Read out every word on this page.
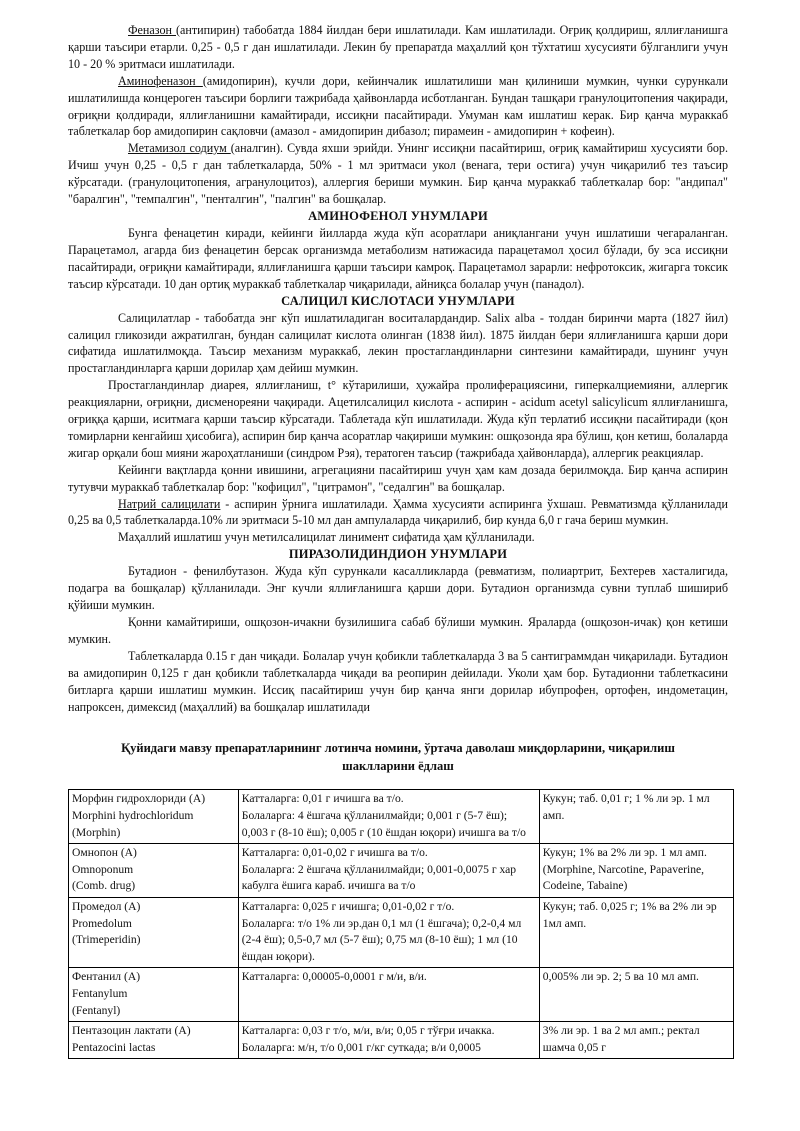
Феназон (антипирин) табобатда 1884 йилдан бери ишлатилади. Кам ишлатилади. Оғриқ қолдириш, яллиғланишга қарши таъсири етарли. 0,25 - 0,5 г дан ишлатилади. Лекин бу препаратда маҳаллий қон тўхтатиш хусусияти бўлганлиги учун 10 - 20 % эритмаси ишлатилади.

Аминофеназон (амидопирин), кучли дори, кейинчалик ишлатилиши ман қилиниши мумкин, чунки сурункали ишлатилишда концероген таъсири борлиги тажрибада ҳайвонларда исботланган. Бундан ташқари гранулоцитопения чақиради, оғриқни қолдиради, яллиғланишни камайтиради, иссиқни пасайтиради. Умуман кам ишлатиш керак. Бир қанча мураккаб таблеткалар бор амидопирин сақловчи (амазол - амидопирин дибазол; пирамеин - амидопирин + кофеин).

Метамизол содиум (аналгин). Сувда яхши эрийди. Унинг иссиқни пасайтириш, оғриқ камайтириш хусусияти бор. Ичиш учун 0,25 - 0,5 г дан таблеткаларда, 50% - 1 мл эритмаси укол (венага, тери остига) учун чиқарилиб тез таъсир кўрсатади. (гранулоцитопения, агранулоцитоз), аллергия бериши мумкин. Бир қанча мураккаб таблеткалар бор: "андипал" "баралгин", "темпалгин", "пенталгин", "палгин" ва бошқалар.

АМИНОФЕНОЛ УНУМЛАРИ

Бунга фенацетин киради, кейинги йилларда жуда кўп асоратлари аниқлангани учун ишлатиши чегараланган. Парацетамол, агарда биз фенацетин берсак организмда метаболизм натижасида парацетамол ҳосил бўлади, бу эса иссиқни пасайтиради, оғриқни камайтиради, яллиғланишга қарши таъсири камроқ. Парацетамол зарарли: нефротоксик, жигарга токсик таъсир кўрсатади. 10 дан ортиқ мураккаб таблеткалар чиқарилади, айниқса болалар учун (панадол).

САЛИЦИЛ КИСЛОТАСИ УНУМЛАРИ

Салицилатлар - табобатда энг кўп ишлатиладиган воситалардандир. Salix alba - толдан биринчи марта (1827 йил) салицил гликозиди ажратилган, бундан салицилат кислота олинган (1838 йил). 1875 йилдан бери яллиғланишга қарши дори сифатида ишлатилмоқда. Таъсир механизм мураккаб, лекин простагландинларни синтезини камайтиради, шунинг учун простагландинларга қарши дорилар ҳам дейиш мумкин.

Простагландинлар диарея, яллиғланиш, t° кўтарилиши, ҳужайра пролиферациясини, гиперкалциемияни, аллергик реакцияларни, оғриқни, дисменореяни чақиради. Ацетилсалицил кислота - аспирин - acidum acetyl salicylicum яллиғланишга, оғриққа қарши, иситмага қарши таъсир кўрсатади. Таблетада кўп ишлатилади. Жуда кўп терлатиб иссиқни пасайтиради (қон томирларни кенгайиш ҳисобига), аспирин бир қанча асоратлар чақириши мумкин: ошқозонда яра бўлиш, қон кетиш, болаларда жигар орқали бош мияни жароҳатланиши (синдром Рэя), тератоген таъсир (тажрибада ҳайвонларда), аллергик реакциялар.

Кейинги вақтларда қонни ивишини, агрегацияни пасайтириш учун ҳам кам дозада берилмоқда. Бир қанча аспирин тутувчи мураккаб таблеткалар бор: "кофицил", "цитрамон", "седалгин" ва бошқалар.

Натрий салицилати - аспирин ўрнига ишлатилади. Ҳамма хусусияти аспиринга ўхшаш. Ревматизмда қўлланилади 0,25 ва 0,5 таблеткаларда.10% ли эритмаси 5-10 мл дан ампулаларда чиқарилиб, бир кунда 6,0 г гача бериш мумкин.

Маҳаллий ишлатиш учун метилсалицилат линимент сифатида ҳам қўлланилади.

ПИРАЗОЛИДИНДИОН УНУМЛАРИ

Бутадион - фенилбутазон. Жуда кўп сурункали касалликларда (ревматизм, полиартрит, Бехтерев хасталигида, подагра ва бошқалар) қўлланилади. Энг кучли яллиғланишга қарши дори. Бутадион организмда сувни туплаб шишириб қўйиши мумкин.

Қонни камайтириши, ошқозон-ичакни бузилишига сабаб бўлиши мумкин. Яраларда (ошқозон-ичак) қон кетиши мумкин.

Таблеткаларда 0.15 г дан чиқади. Болалар учун қобикли таблеткаларда 3 ва 5 сантиграммдан чиқарилади. Бутадион ва амидопирин 0,125 г дан қобикли таблеткаларда чиқади ва реопирин дейилади. Уколи ҳам бор. Бутадионни таблеткасини битларга қарши ишлатиш мумкин. Иссиқ пасайтириш учун бир қанча янги дорилар ибупрофен, ортофен, индометацин, напроксен, димексид (маҳаллий) ва бошқалар ишлатилади

Қуйидаги мавзу препаратларининг лотинча номини, ўртача даволаш миқдорларини, чиқарилиш
шаклларини ёдлаш
Морфин гидрохлориди (А)
Morphini hydrochloridum
(Morphin)	Катталарга: 0,01 г ичишга ва т/о.
Болаларга: 4 ёшгача қўлланилмайди; 0,001 г (5-7 ёш); 0,003 г (8-10 ёш); 0,005 г (10 ёшдан юқори) ичишга ва т/о	Кукун; таб. 0,01 г; 1 % ли эр. 1 мл амп.

Омнопон (А)
Omnoponum
(Comb. drug)	Катталарга: 0,01-0,02 г ичишга ва т/о.
Болаларга: 2 ёшгача қўлланилмайди; 0,001-0,0075 г хар кабулга ёшига караб. ичишга ва т/о	Кукун; 1% ва 2% ли эр. 1 мл амп. (Morphine, Narcotine, Papaverine, Codeine, Tabaine)

Промедол (А)
Promedolum
(Trimeperidin)	Катталарга: 0,025 г ичишга; 0,01-0,02 г т/о.
Болаларга: т/о 1% ли эр.дан 0,1 мл (1 ёшгача); 0,2-0,4 мл (2-4 ёш); 0,5-0,7 мл (5-7 ёш); 0,75 мл (8-10 ёш); 1 мл (10 ёшдан юқори).	Кукун; таб. 0,025 г; 1% ва 2% ли эр 1мл амп.

Фентанил (А)
Fentanylum
(Fentanyl)	Катталарга: 0,00005-0,0001 г м/и, в/и.	0,005% ли эр. 2; 5 ва 10 мл амп.

Пентазоцин лактати (А)
Pentazocini lactas	Катталарга: 0,03 г т/о, м/и, в/и; 0,05 г тўғри ичакка.
Болаларга: м/н, т/о 0,001 г/кг суткада; в/и 0,0005	3% ли эр. 1 ва 2 мл амп.; ректал шамча 0,05 г
